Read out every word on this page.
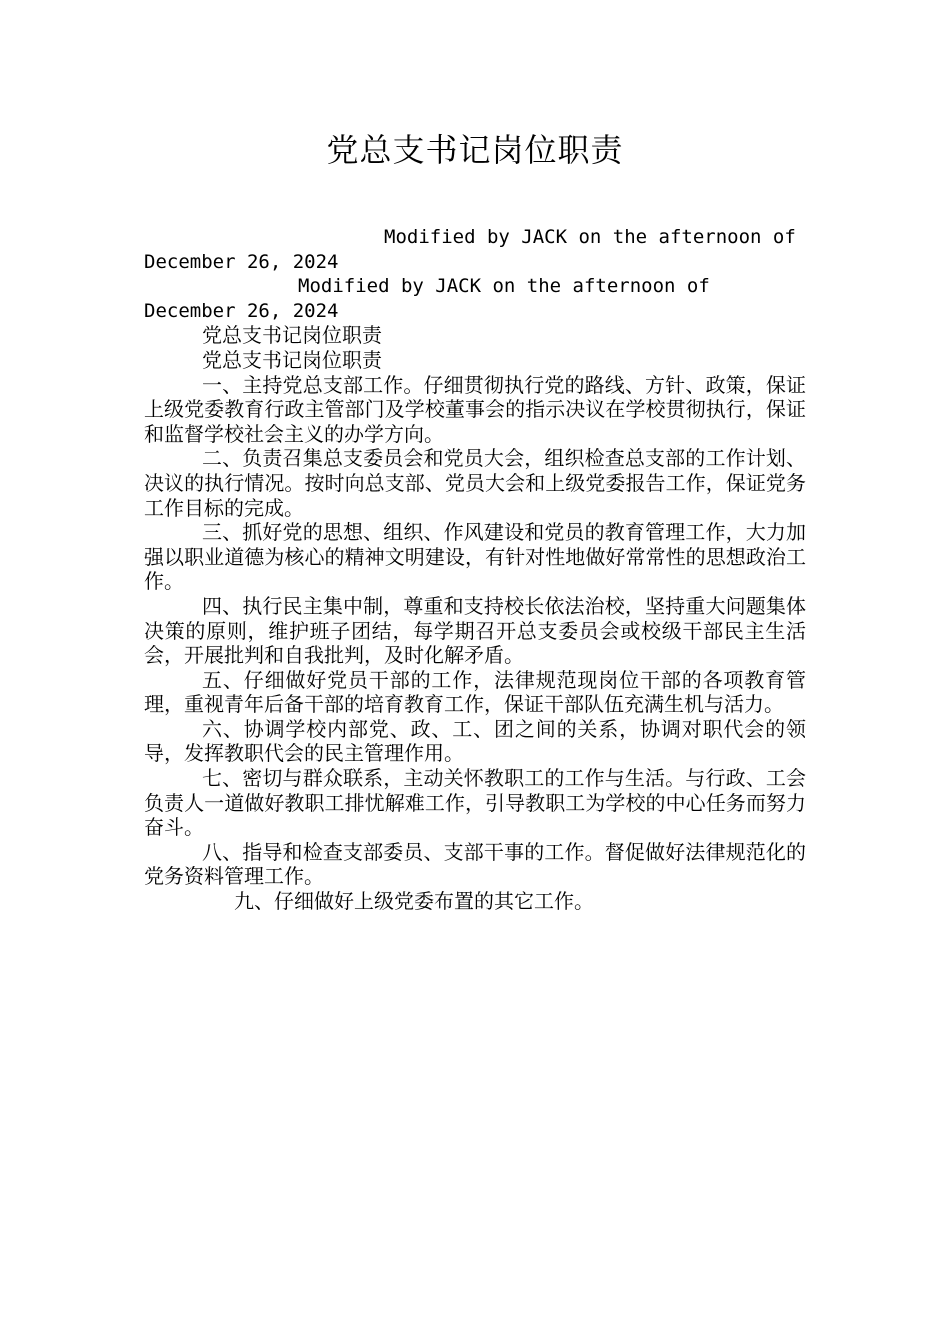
党总支书记岗位职责

Modified by JACK on the afternoon of December 26, 2024

Modified by JACK on the afternoon of December 26, 2024

党总支书记岗位职责

党总支书记岗位职责

一、主持党总支部工作。仔细贯彻执行党的路线、方针、政策，保证上级党委教育行政主管部门及学校董事会的指示决议在学校贯彻执行，保证和监督学校社会主义的办学方向。

二、负责召集总支委员会和党员大会，组织检查总支部的工作计划、决议的执行情况。按时向总支部、党员大会和上级党委报告工作，保证党务工作目标的完成。

三、抓好党的思想、组织、作风建设和党员的教育管理工作，大力加强以职业道德为核心的精神文明建设，有针对性地做好常常性的思想政治工作。

四、执行民主集中制，尊重和支持校长依法治校，坚持重大问题集体决策的原则，维护班子团结，每学期召开总支委员会或校级干部民主生活会，开展批判和自我批判，及时化解矛盾。

五、仔细做好党员干部的工作，法律规范现岗位干部的各项教育管理，重视青年后备干部的培育教育工作，保证干部队伍充满生机与活力。

六、协调学校内部党、政、工、团之间的关系，协调对职代会的领导，发挥教职代会的民主管理作用。

七、密切与群众联系，主动关怀教职工的工作与生活。与行政、工会负责人一道做好教职工排忧解难工作，引导教职工为学校的中心任务而努力奋斗。

八、指导和检查支部委员、支部干事的工作。督促做好法律规范化的党务资料管理工作。

九、仔细做好上级党委布置的其它工作。
